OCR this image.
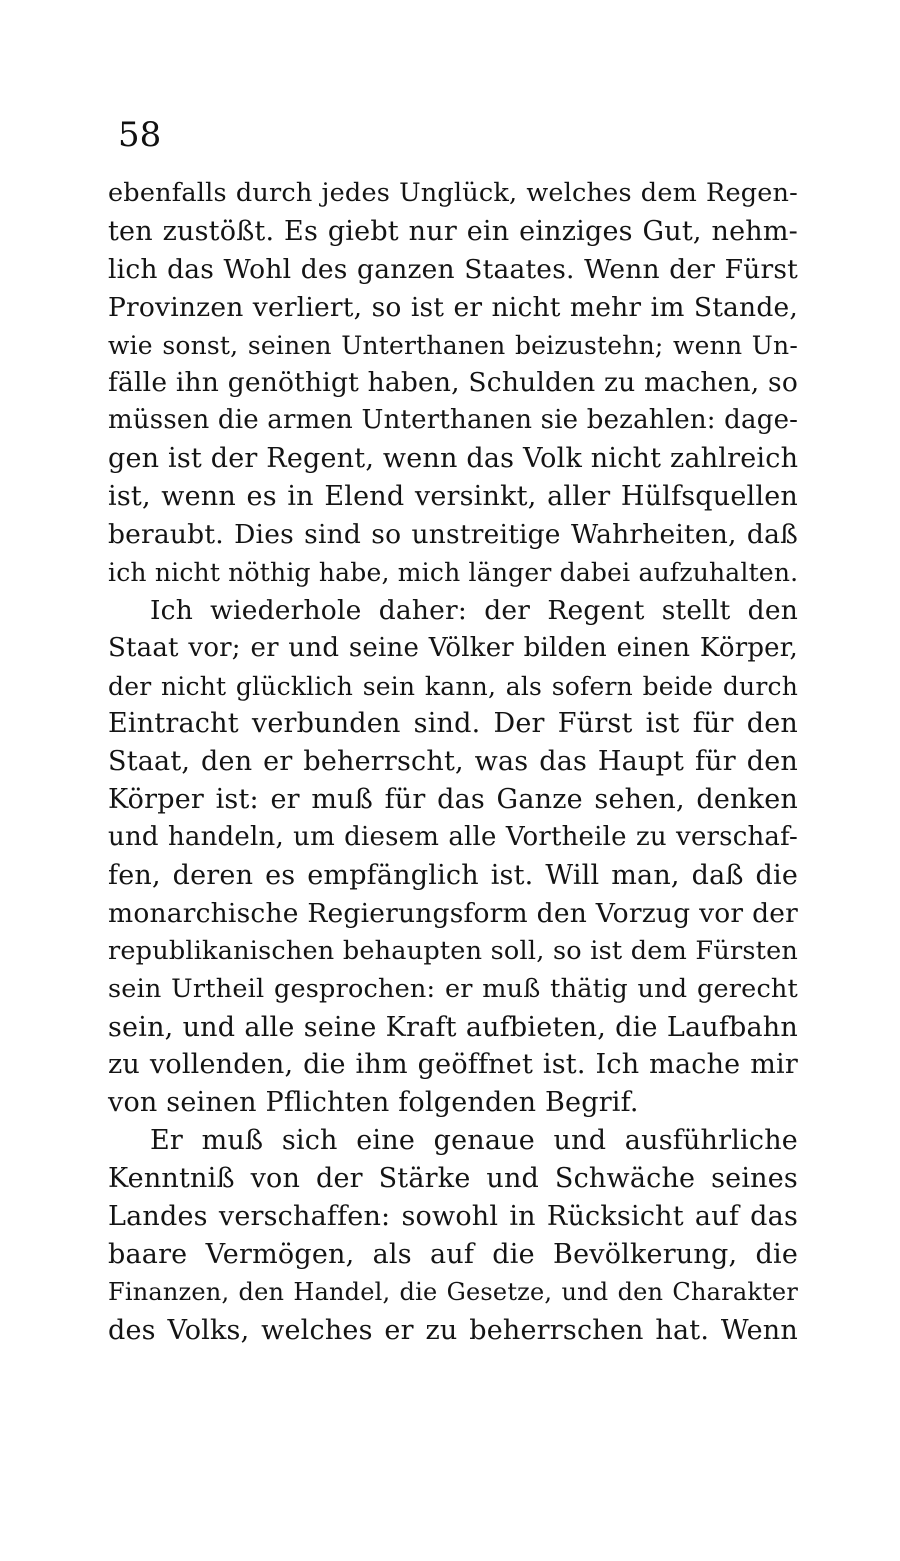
58
ebenfalls durch jedes Unglück, welches dem Regen-
ten zustößt. Es giebt nur ein einziges Gut, nehm-
lich das Wohl des ganzen Staates. Wenn der Fürst
Provinzen verliert, so ist er nicht mehr im Stande,
wie sonst, seinen Unterthanen beizustehn; wenn Un-
fälle ihn genöthigt haben, Schulden zu machen, so
müssen die armen Unterthanen sie bezahlen: dage-
gen ist der Regent, wenn das Volk nicht zahlreich
ist, wenn es in Elend versinkt, aller Hülfsquellen
beraubt. Dies sind so unstreitige Wahrheiten, daß
ich nicht nöthig habe, mich länger dabei aufzuhalten.
Ich wiederhole daher: der Regent stellt den
Staat vor; er und seine Völker bilden einen Körper,
der nicht glücklich sein kann, als sofern beide durch
Eintracht verbunden sind. Der Fürst ist für den
Staat, den er beherrscht, was das Haupt für den
Körper ist: er muß für das Ganze sehen, denken
und handeln, um diesem alle Vortheile zu verschaf-
fen, deren es empfänglich ist. Will man, daß die
monarchische Regierungsform den Vorzug vor der
republikanischen behaupten soll, so ist dem Fürsten
sein Urtheil gesprochen: er muß thätig und gerecht
sein, und alle seine Kraft aufbieten, die Laufbahn
zu vollenden, die ihm geöffnet ist. Ich mache mir
von seinen Pflichten folgenden Begrif.
Er muß sich eine genaue und ausführliche
Kenntniß von der Stärke und Schwäche seines
Landes verschaffen: sowohl in Rücksicht auf das
baare Vermögen, als auf die Bevölkerung, die
Finanzen, den Handel, die Gesetze, und den Charakter
des Volks, welches er zu beherrschen hat. Wenn
